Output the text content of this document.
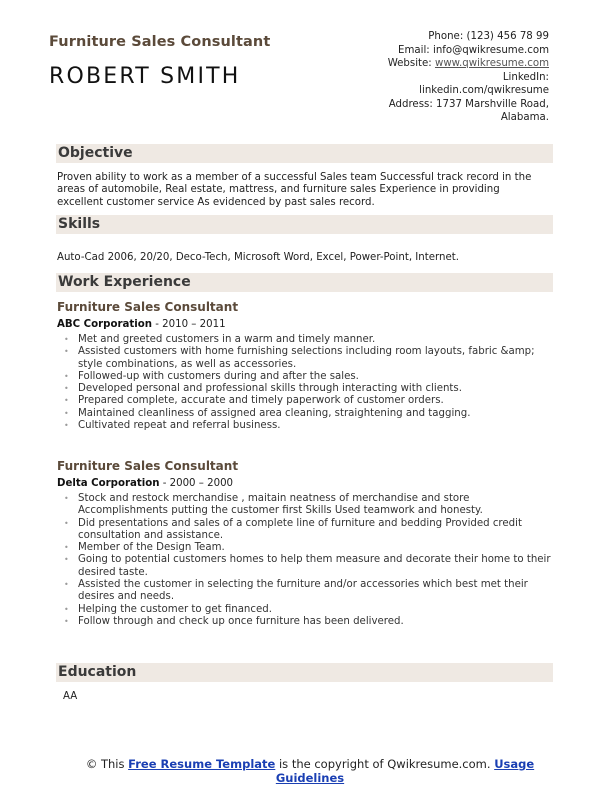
Furniture Sales Consultant
ROBERT SMITH
Phone: (123) 456 78 99
Email: info@qwikresume.com
Website: www.qwikresume.com
LinkedIn:
linkedin.com/qwikresume
Address: 1737 Marshville Road,
Alabama.
Objective
Proven ability to work as a member of a successful Sales team Successful track record in the areas of automobile, Real estate, mattress, and furniture sales Experience in providing excellent customer service As evidenced by past sales record.
Skills
Auto-Cad 2006, 20/20, Deco-Tech, Microsoft Word, Excel, Power-Point, Internet.
Work Experience
Furniture Sales Consultant
ABC Corporation - 2010 – 2011
• Met and greeted customers in a warm and timely manner.
• Assisted customers with home furnishing selections including room layouts, fabric &amp; style combinations, as well as accessories.
• Followed-up with customers during and after the sales.
• Developed personal and professional skills through interacting with clients.
• Prepared complete, accurate and timely paperwork of customer orders.
• Maintained cleanliness of assigned area cleaning, straightening and tagging.
• Cultivated repeat and referral business.
Furniture Sales Consultant
Delta Corporation - 2000 – 2000
• Stock and restock merchandise , maitain neatness of merchandise and store Accomplishments putting the customer first Skills Used teamwork and honesty.
• Did presentations and sales of a complete line of furniture and bedding Provided credit consultation and assistance.
• Member of the Design Team.
• Going to potential customers homes to help them measure and decorate their home to their desired taste.
• Assisted the customer in selecting the furniture and/or accessories which best met their desires and needs.
• Helping the customer to get financed.
• Follow through and check up once furniture has been delivered.
Education
AA
© This Free Resume Template is the copyright of Qwikresume.com. Usage Guidelines
